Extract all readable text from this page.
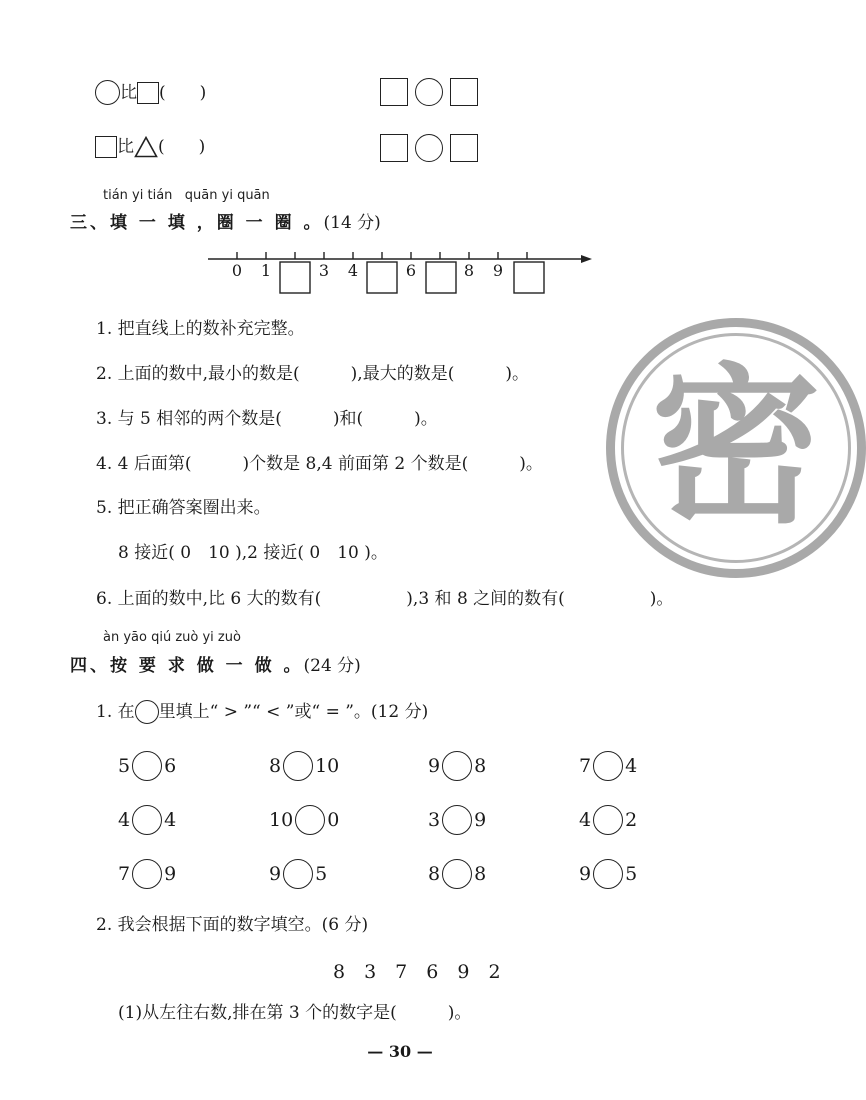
比 (　　)
比 (　　)
tián yi tián   quān yi quān
三、填 一 填 ，圈 一 圈 。(14 分)
0 1	3 4	6	8 9
1. 把直线上的数补充完整。
2. 上面的数中,最小的数是(　　　),最大的数是(　　　)。
3. 与 5 相邻的两个数是(　　　)和(　　　)。
4. 4 后面第(　　　)个数是 8,4 前面第 2 个数是(　　　)。
5. 把正确答案圈出来。
8 接近( 0　10 ),2 接近( 0　10 )。
6. 上面的数中,比 6 大的数有(　　　　　),3 和 8 之间的数有(　　　　　)。
密
àn yāo qiú zuò yi zuò
四、按 要 求 做 一 做 。(24 分)
1. 在 里填上“ > ”“ < ”或“ = ”。(12 分)
5 6	8 10	9 8	7 4
4 4	10 0	3 9	4 2
7 9	9 5	8 8	9 5
2. 我会根据下面的数字填空。(6 分)
8　3　7　6　9　2
(1)从左往右数,排在第 3 个的数字是(　　　)。
— 30 —
